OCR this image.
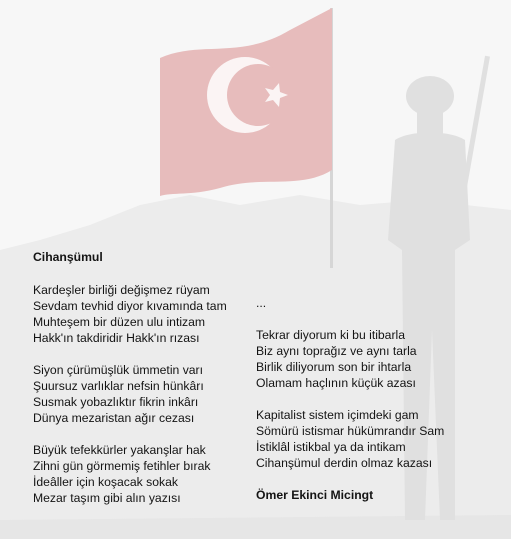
Cihanşümul
Kardeşler birliği değişmez rüyam
Sevdam tevhid diyor kıvamında tam
Muhteşem bir düzen ulu intizam
Hakk'ın takdiridir Hakk'ın rızası
Siyon çürümüşlük ümmetin varı
Şuursuz varlıklar nefsin hünkârı
Susmak yobazlıktır fikrin inkârı
Dünya mezaristan ağır cezası
Büyük tefekkürler yakanşlar hak
Zihni gün görmemiş fetihler bırak
İdeâller için koşacak sokak
Mezar taşım gibi alın yazısı
...
Tekrar diyorum ki bu itibarla
Biz aynı toprağız ve aynı tarla
Birlik diliyorum son bir ihtarla
Olamam haçlının küçük azası
Kapitalist sistem içimdeki gam
Sömürü istismar hükümrandır Sam
İstiklâl istikbal ya da intikam
Cihanşümul derdin olmaz kazası
Ömer Ekinci Micingt
